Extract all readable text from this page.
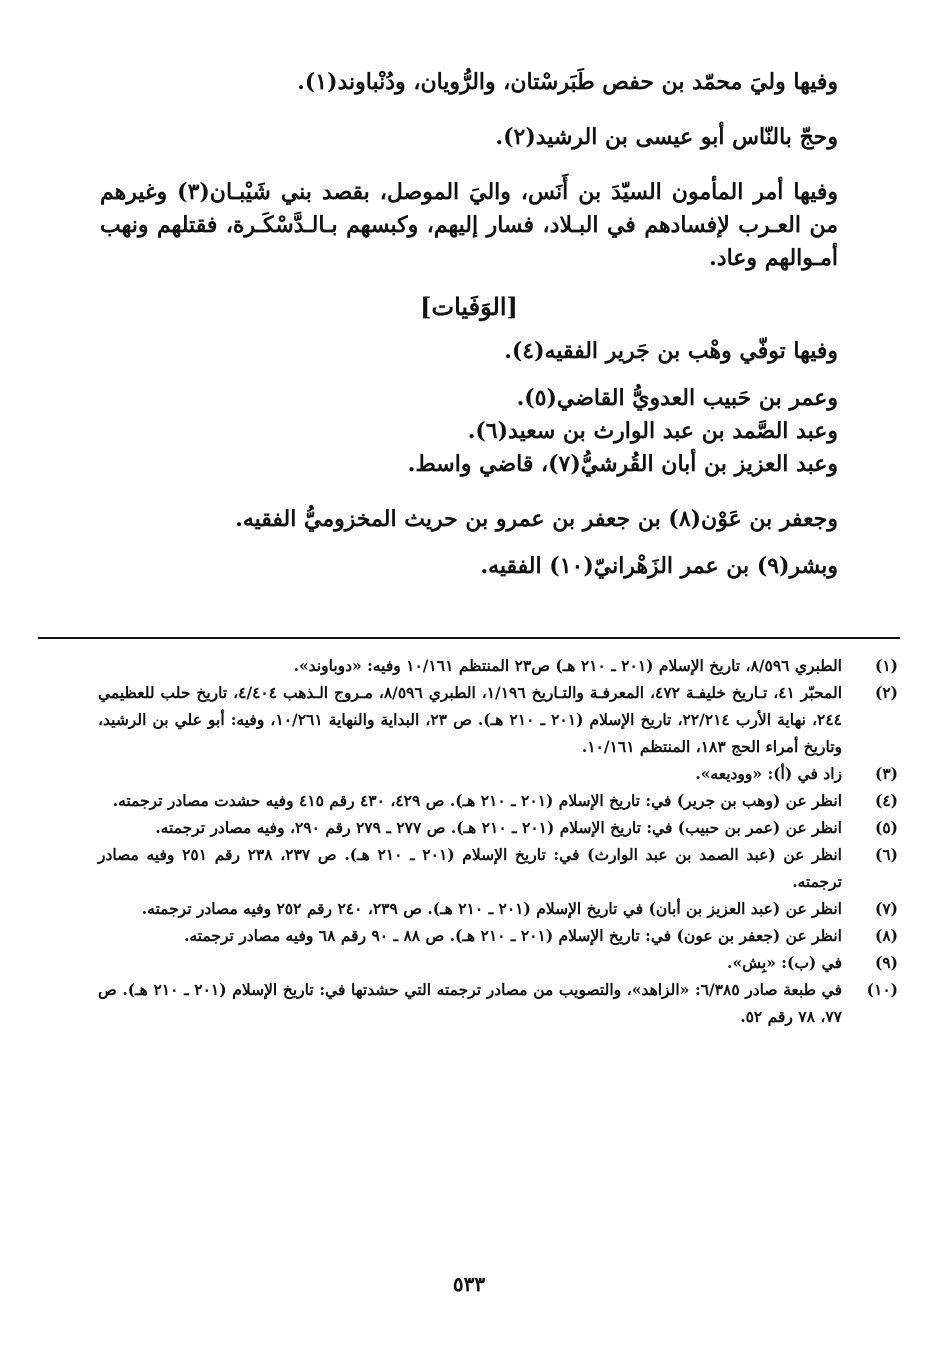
وفيها وليَ محمّد بن حفص طَبَرسْتان، والرُّويان، ودُنْباوند(١).

وحجّ بالنّاس أبو عيسى بن الرشيد(٢).

وفيها أمر المأمون السيّدَ بن أَنَس، واليَ الموصل، بقصد بني شَيْبـان(٣) وغيرهم من العـرب لإفسادهم في البـلاد، فسار إليهم، وكبسهم بـالـدَّسْكَـرة، فقتلهم ونهب أمـوالهم وعاد.

[الوَفَيات]

وفيها توفّي وهْب بن جَرير الفقيه(٤).

وعمر بن حَبيب العدويُّ القاضي(٥).

وعبد الصَّمد بن عبد الوارث بن سعيد(٦).

وعبد العزيز بن أبان القُرشيُّ(٧)، قاضي واسط.

وجعفر بن عَوْن(٨) بن جعفر بن عمرو بن حريث المخزوميُّ الفقيه.

وبشر(٩) بن عمر الزَهْرانيّ(١٠) الفقيه.

(١)
الطبري ٨/٥٩٦، تاريخ الإسلام (٢٠١ ـ ٢١٠ هـ) ص٢٣ المنتظم ١٠/١٦١ وفيه: «دوباوند».
(٢)
المحبّر ٤١، تـاريخ خليفـة ٤٧٢، المعرفـة والتـاريخ ١/١٩٦، الطبري ٨/٥٩٦، مـروج الـذهب ٤/٤٠٤، تاريخ حلب للعظيمي ٢٤٤، نهاية الأرب ٢٢/٢١٤، تاريخ الإسلام (٢٠١ ـ ٢١٠ هـ). ص ٢٣، البداية والنهاية ١٠/٢٦١، وفيه: أبو علي بن الرشيد، وتاريخ أمراء الحج ١٨٣، المنتظم ١٠/١٦١.
(٣)
زاد في (أ): «ووديعه».
(٤)
انظر عن (وهب بن جرير) في: تاريخ الإسلام (٢٠١ ـ ٢١٠ هـ). ص ٤٢٩، ٤٣٠ رقم ٤١٥ وفيه حشدت مصادر ترجمته.
(٥)
انظر عن (عمر بن حبيب) في: تاريخ الإسلام (٢٠١ ـ ٢١٠ هـ). ص ٢٧٧ ـ ٢٧٩ رقم ٢٩٠، وفيه مصادر ترجمته.
(٦)
انظر عن (عبد الصمد بن عبد الوارث) في: تاريخ الإسلام (٢٠١ ـ ٢١٠ هـ). ص ٢٣٧، ٢٣٨ رقم ٢٥١ وفيه مصادر ترجمته.
(٧)
انظر عن (عبد العزيز بن أبان) في تاريخ الإسلام (٢٠١ ـ ٢١٠ هـ). ص ٢٣٩، ٢٤٠ رقم ٢٥٢ وفيه مصادر ترجمته.
(٨)
انظر عن (جعفر بن عون) في: تاريخ الإسلام (٢٠١ ـ ٢١٠ هـ). ص ٨٨ ـ ٩٠ رقم ٦٨ وفيه مصادر ترجمته.
(٩)
في (ب): «بِش».
(١٠)
في طبعة صادر ٦/٣٨٥: «الزاهد»، والتصويب من مصادر ترجمته التي حشدتها في: تاريخ الإسلام (٢٠١ ـ ٢١٠ هـ). ص ٧٧، ٧٨ رقم ٥٢.
٥٣٣
